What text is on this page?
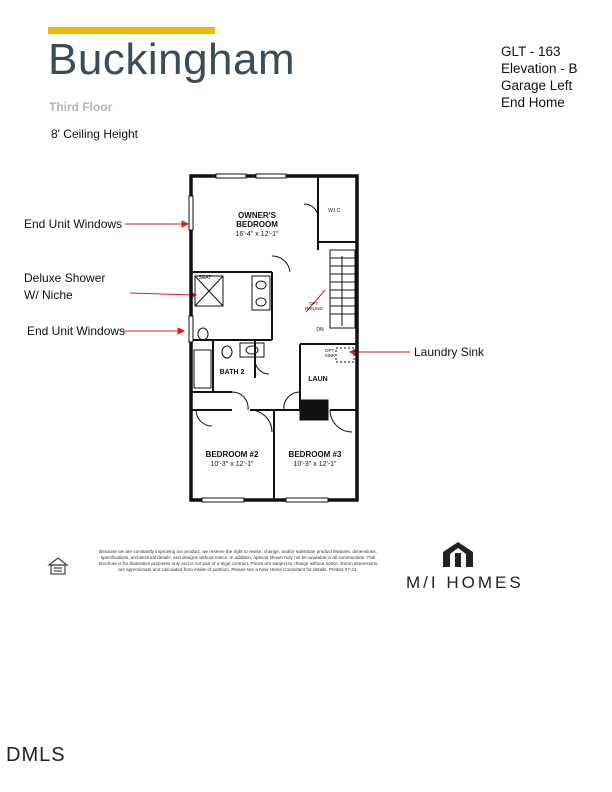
Buckingham
Third Floor
8' Ceiling Height
GLT - 163
Elevation - B
Garage Left
End Home
End Unit Windows
Deluxe Shower
W/ Niche
End Unit Windows
Laundry Sink
OWNER'S
BEDROOM
16'-4" x 12'-1"
W.I.C.
SEAT
BATH 2
OPT.
RAILING
DN
OPT.
SINK
LAUN
BEDROOM #2
10'-3" x 12'-1"
BEDROOM #3
10'-3" x 12'-1"
Because we are constantly improving our product, we reserve the right to revise, change, and/or substitute product features, dimensions, specifications, architectural details, and designs without notice. In addition, options shown may not be available in all communities. This brochure is for illustration purposes only and is not part of a legal contract. Prices are subject to change without notice. Room dimensions are approximate and calculated from inside of partition. Please see a New Home Consultant for details. Printed 07-21.
M/I HOMES
DMLS
